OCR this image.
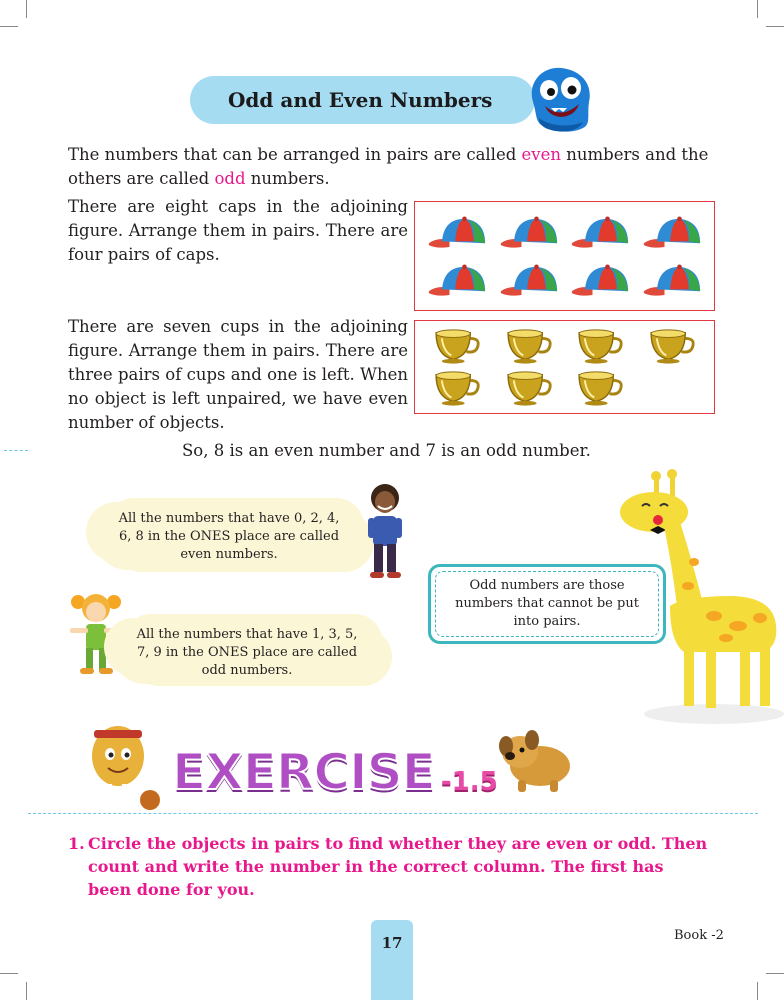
Odd and Even Numbers
The numbers that can be arranged in pairs are called even numbers and the others are called odd numbers.
There are eight caps in the adjoining figure. Arrange them in pairs. There are four pairs of caps.
There are seven cups in the adjoining figure. Arrange them in pairs. There are three pairs of cups and one is left. When no object is left unpaired, we have even number of objects.
So, 8 is an even number and 7 is an odd number.
All the numbers that have 0, 2, 4, 6, 8 in the ONES place are called even numbers.
Odd numbers are those numbers that cannot be put into pairs.
All the numbers that have 1, 3, 5, 7, 9 in the ONES place are called odd numbers.
EXERCISE -1.5
1. Circle the objects in pairs to find whether they are even or odd. Then count and write the number in the correct column. The first has been done for you.
17	Book -2
